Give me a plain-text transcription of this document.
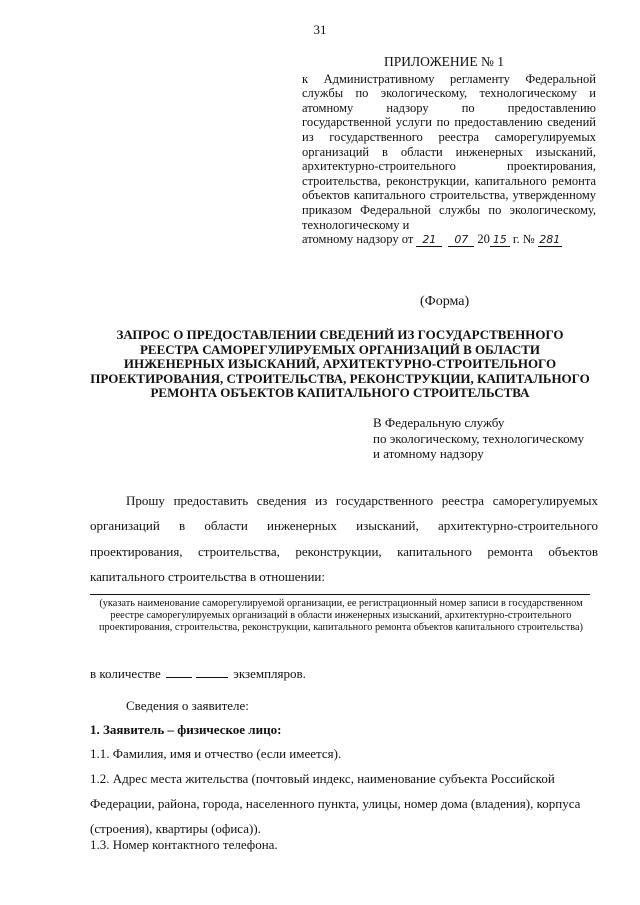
31
ПРИЛОЖЕНИЕ № 1
к Административному регламенту Федеральной службы по экологическому, технологическому и атомному надзору по предоставлению государственной услуги по предоставлению сведений из государственного реестра саморегулируемых организаций в области инженерных изысканий, архитектурно-строительного проектирования, строительства, реконструкции, капитального ремонта объектов капитального строительства, утвержденному приказом Федеральной службы по экологическому, технологическому и
атомному надзору от 21	07 20 15 г. № 281
(Форма)
ЗАПРОС О ПРЕДОСТАВЛЕНИИ СВЕДЕНИЙ ИЗ ГОСУДАРСТВЕННОГО РЕЕСТРА САМОРЕГУЛИРУЕМЫХ ОРГАНИЗАЦИЙ В ОБЛАСТИ ИНЖЕНЕРНЫХ ИЗЫСКАНИЙ, АРХИТЕКТУРНО-СТРОИТЕЛЬНОГО ПРОЕКТИРОВАНИЯ, СТРОИТЕЛЬСТВА, РЕКОНСТРУКЦИИ, КАПИТАЛЬНОГО РЕМОНТА ОБЪЕКТОВ КАПИТАЛЬНОГО СТРОИТЕЛЬСТВА
В Федеральную службу
по экологическому, технологическому
и атомному надзору
Прошу предоставить сведения из государственного реестра саморегулируемых организаций в области инженерных изысканий, архитектурно-строительного проектирования, строительства, реконструкции, капитального ремонта объектов капитального строительства в отношении:
(указать наименование саморегулируемой организации, ее регистрационный номер записи в государственном реестре саморегулируемых организаций в области инженерных изысканий, архитектурно-строительного проектирования, строительства, реконструкции, капитального ремонта объектов капитального строительства)
в количестве	экземпляров.
Сведения о заявителе:
1. Заявитель – физическое лицо:
1.1. Фамилия, имя и отчество (если имеется).
1.2. Адрес места жительства (почтовый индекс, наименование субъекта Российской Федерации, района, города, населенного пункта, улицы, номер дома (владения), корпуса (строения), квартиры (офиса)).
1.3. Номер контактного телефона.
